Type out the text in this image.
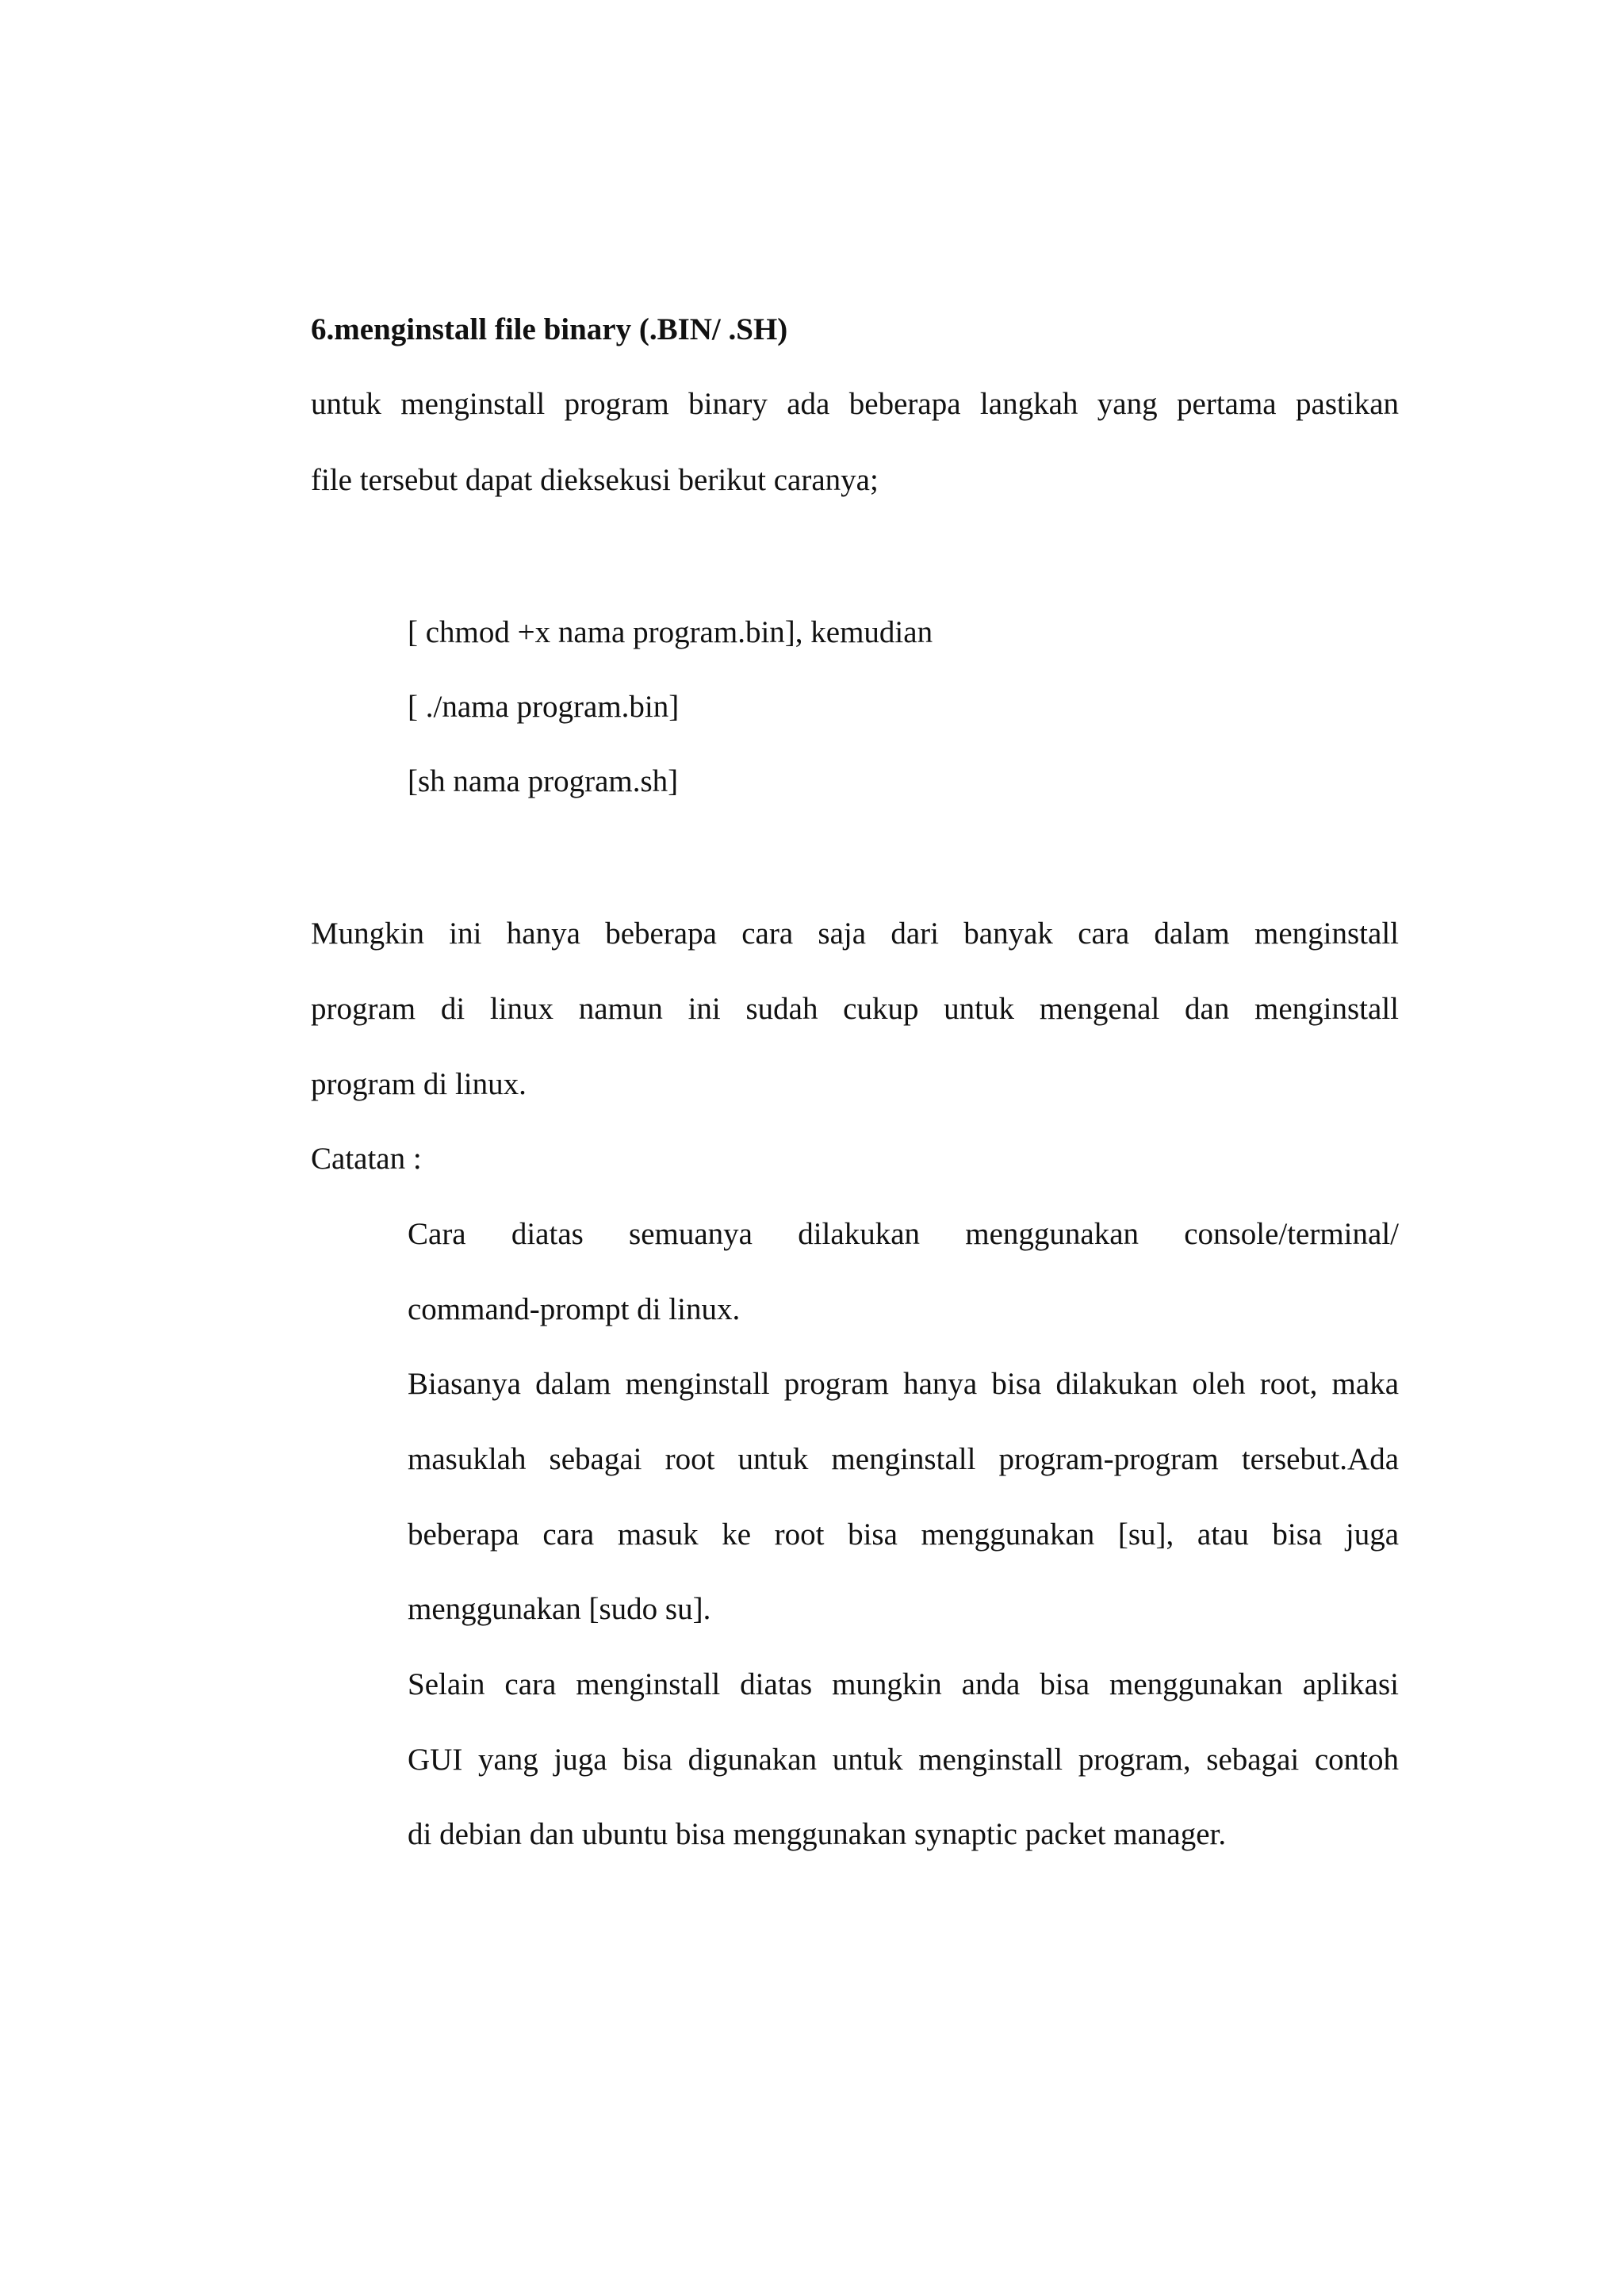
6.menginstall file binary (.BIN/ .SH)
untuk menginstall program binary ada beberapa langkah yang pertama pastikan
file tersebut dapat dieksekusi berikut caranya;
[ chmod +x nama program.bin], kemudian
[ ./nama program.bin]
[sh nama program.sh]
Mungkin ini hanya beberapa cara saja dari banyak cara dalam menginstall
program di linux namun ini sudah cukup untuk mengenal dan menginstall
program di linux.
Catatan :
Cara diatas semuanya dilakukan menggunakan console/terminal/
command-prompt di linux.
Biasanya dalam menginstall program hanya bisa dilakukan oleh root, maka
masuklah sebagai root untuk menginstall program-program tersebut.Ada
beberapa cara masuk ke root bisa menggunakan [su], atau bisa juga
menggunakan [sudo su].
Selain cara menginstall diatas mungkin anda bisa menggunakan aplikasi
GUI yang juga bisa digunakan untuk menginstall program, sebagai contoh
di debian dan ubuntu bisa menggunakan synaptic packet manager.
